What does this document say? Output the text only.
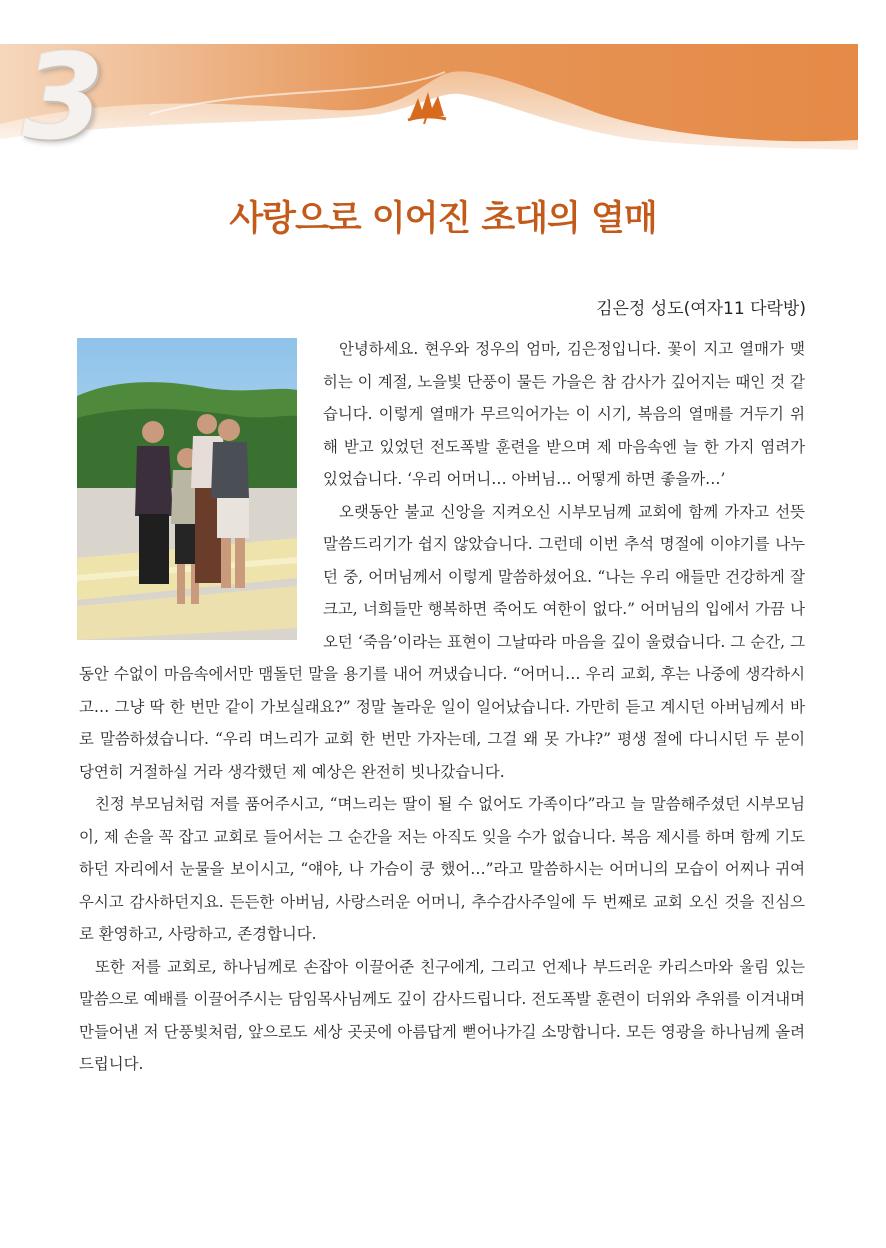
3
사랑으로 이어진 초대의 열매
김은정 성도(여자11 다락방)

안녕하세요. 현우와 정우의 엄마, 김은정입니다. 꽃이 지고 열매가 맺히는 이 계절, 노을빛 단풍이 물든 가을은 참 감사가 깊어지는 때인 것 같습니다. 이렇게 열매가 무르익어가는 이 시기, 복음의 열매를 거두기 위해 받고 있었던 전도폭발 훈련을 받으며 제 마음속엔 늘 한 가지 염려가 있었습니다. ‘우리 어머니… 아버님… 어떻게 하면 좋을까…’

오랫동안 불교 신앙을 지켜오신 시부모님께 교회에 함께 가자고 선뜻 말씀드리기가 쉽지 않았습니다. 그런데 이번 추석 명절에 이야기를 나누던 중, 어머님께서 이렇게 말씀하셨어요. “나는 우리 애들만 건강하게 잘 크고, 너희들만 행복하면 죽어도 여한이 없다.” 어머님의 입에서 가끔 나오던 ‘죽음’이라는 표현이 그날따라 마음을 깊이 울렸습니다. 그 순간, 그동안 수없이 마음속에서만 맴돌던 말을 용기를 내어 꺼냈습니다. “어머니… 우리 교회, 후는 나중에 생각하시고… 그냥 딱 한 번만 같이 가보실래요?” 정말 놀라운 일이 일어났습니다. 가만히 듣고 계시던 아버님께서 바로 말씀하셨습니다. “우리 며느리가 교회 한 번만 가자는데, 그걸 왜 못 가냐?” 평생 절에 다니시던 두 분이 당연히 거절하실 거라 생각했던 제 예상은 완전히 빗나갔습니다.

친정 부모님처럼 저를 품어주시고, “며느리는 딸이 될 수 없어도 가족이다”라고 늘 말씀해주셨던 시부모님이, 제 손을 꼭 잡고 교회로 들어서는 그 순간을 저는 아직도 잊을 수가 없습니다. 복음 제시를 하며 함께 기도하던 자리에서 눈물을 보이시고, “얘야, 나 가슴이 쿵 했어…”라고 말씀하시는 어머니의 모습이 어찌나 귀여우시고 감사하던지요. 든든한 아버님, 사랑스러운 어머니, 추수감사주일에 두 번째로 교회 오신 것을 진심으로 환영하고, 사랑하고, 존경합니다.

또한 저를 교회로, 하나님께로 손잡아 이끌어준 친구에게, 그리고 언제나 부드러운 카리스마와 울림 있는 말씀으로 예배를 이끌어주시는 담임목사님께도 깊이 감사드립니다. 전도폭발 훈련이 더위와 추위를 이겨내며 만들어낸 저 단풍빛처럼, 앞으로도 세상 곳곳에 아름답게 뻗어나가길 소망합니다. 모든 영광을 하나님께 올려드립니다.
